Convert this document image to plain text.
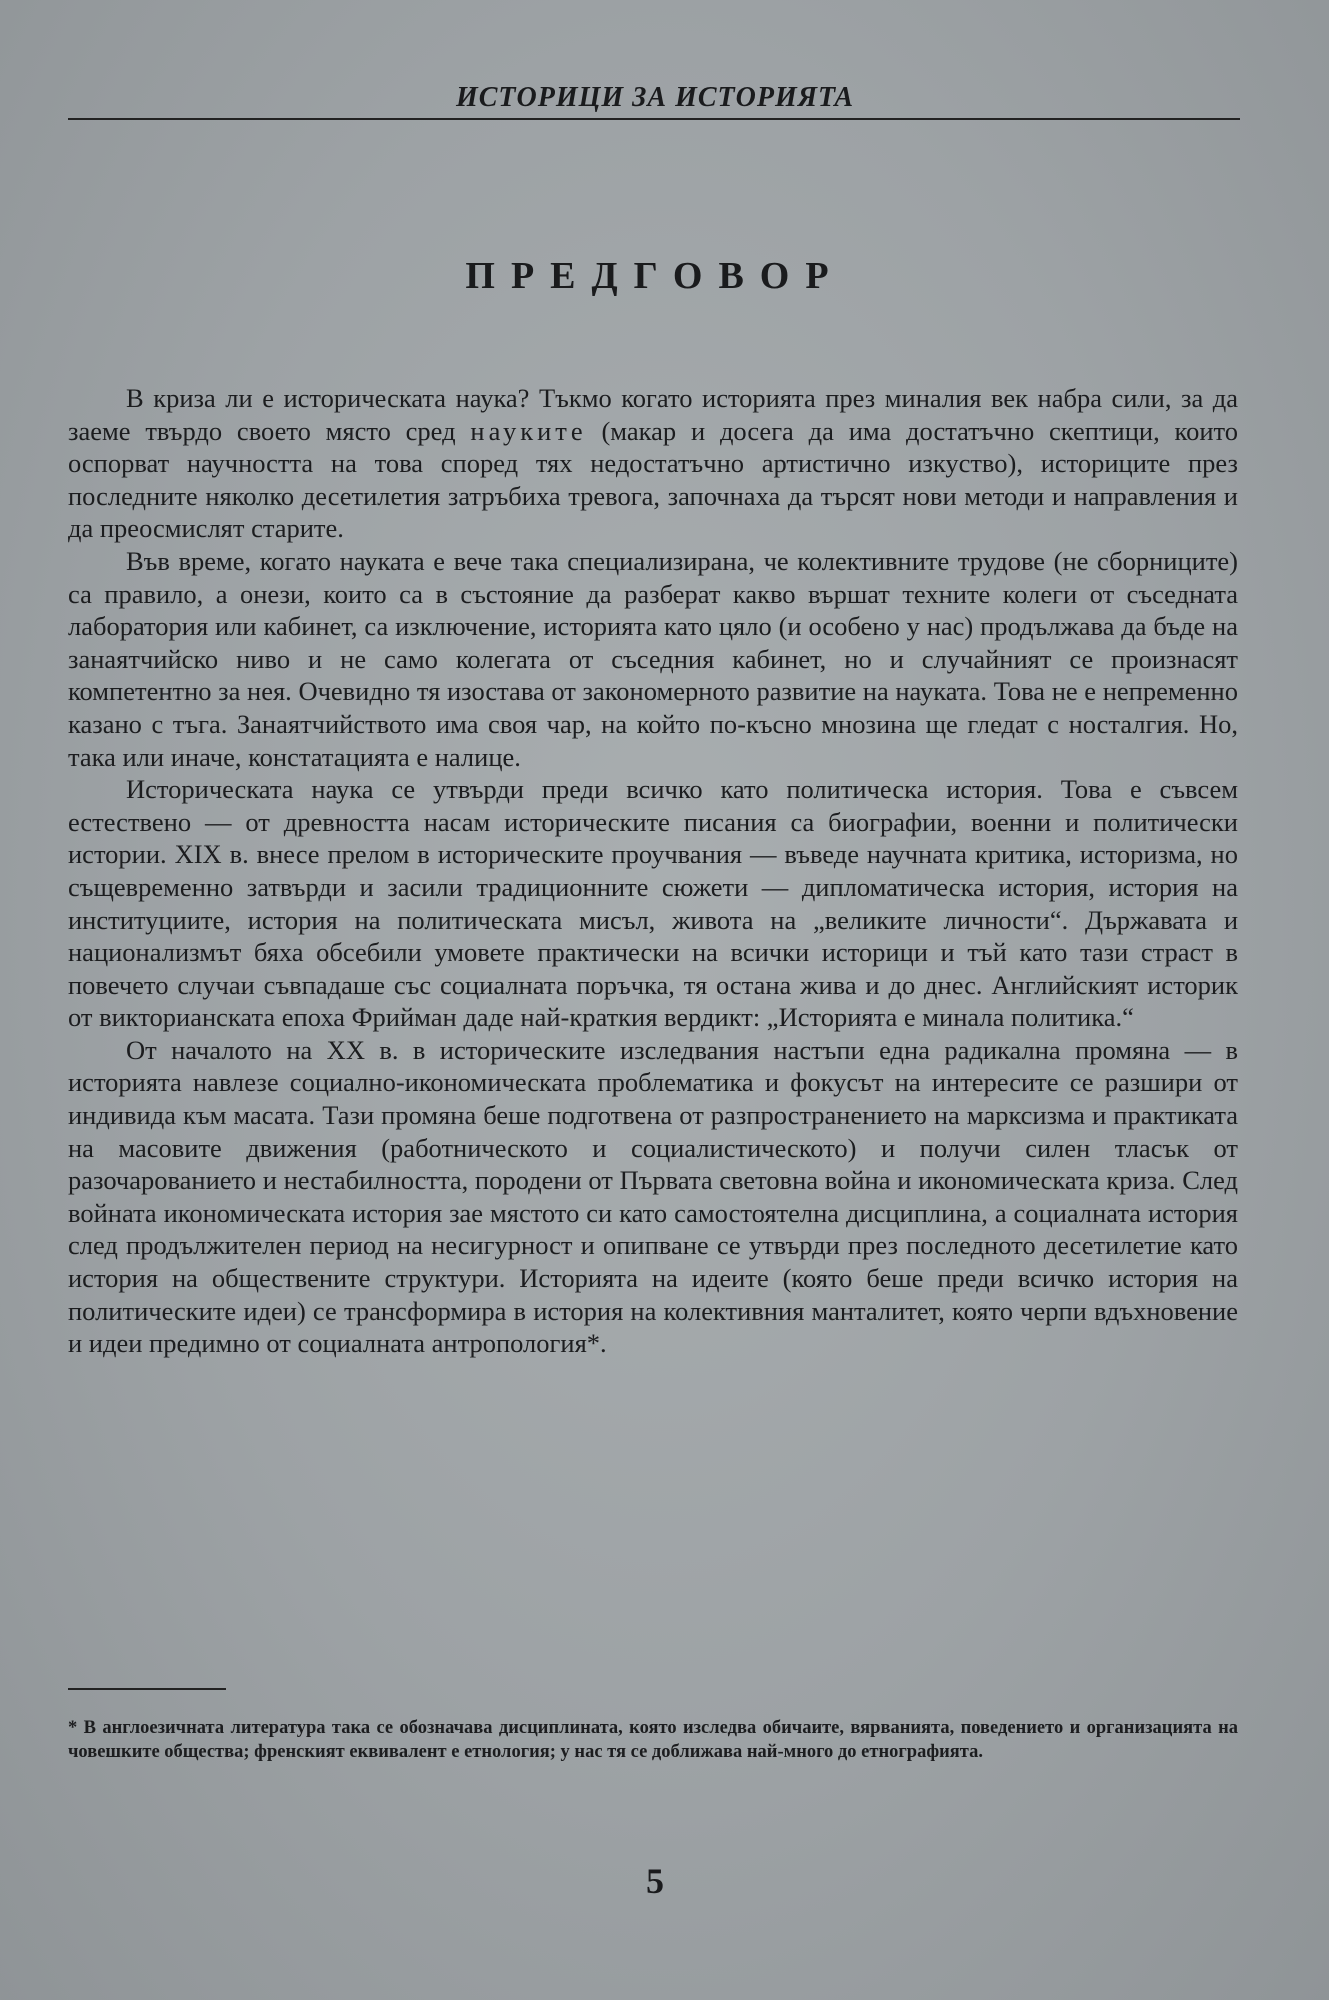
ИСТОРИЦИ ЗА ИСТОРИЯТА
ПРЕДГОВОР

В криза ли е историческата наука? Тъкмо когато историята през миналия век набра сили, за да заеме твърдо своето място сред науките (макар и досега да има достатъчно скептици, които оспорват научността на това според тях недостатъчно артистично изкуство), историците през последните няколко десетилетия затръбиха тревога, започнаха да търсят нови методи и направления и да преосмислят старите.

Във време, когато науката е вече така специализирана, че колективните трудове (не сборниците) са правило, а онези, които са в състояние да разберат какво вършат техните колеги от съседната лаборатория или кабинет, са изключение, историята като цяло (и особено у нас) продължава да бъде на занаятчийско ниво и не само колегата от съседния кабинет, но и случайният се произнасят компетентно за нея. Очевидно тя изостава от закономерното развитие на науката. Това не е непременно казано с тъга. Занаятчийството има своя чар, на който по-късно мнозина ще гледат с носталгия. Но, така или иначе, констатацията е налице.

Историческата наука се утвърди преди всичко като политическа история. Това е съвсем естествено — от древността насам историческите писания са биографии, военни и политически истории. XIX в. внесе прелом в историческите проучвания — въведе научната критика, историзма, но същевременно затвърди и засили традиционните сюжети — дипломатическа история, история на институциите, история на политическата мисъл, живота на „великите личности“. Държавата и национализмът бяха обсебили умовете практически на всички историци и тъй като тази страст в повечето случаи съвпадаше със социалната поръчка, тя остана жива и до днес. Английският историк от викторианската епоха Фрийман даде най-краткия вердикт: „Историята е минала политика.“

От началото на XX в. в историческите изследвания настъпи една радикална промяна — в историята навлезе социално-икономическата проблематика и фокусът на интересите се разшири от индивида към масата. Тази промяна беше подготвена от разпространението на марксизма и практиката на масовите движения (работническото и социалистическото) и получи силен тласък от разочарованието и нестабилността, породени от Първата световна война и икономическата криза. След войната икономическата история зае мястото си като самостоятелна дисциплина, а социалната история след продължителен период на несигурност и опипване се утвърди през последното десетилетие като история на обществените структури. Историята на идеите (която беше преди всичко история на политическите идеи) се трансформира в история на колективния манталитет, която черпи вдъхновение и идеи предимно от социалната антропология*.

* В англоезичната литература така се обозначава дисциплината, която изследва обичаите, вярванията, поведението и организацията на човешките общества; френският еквивалент е етнология; у нас тя се доближава най-много до етнографията.
5
